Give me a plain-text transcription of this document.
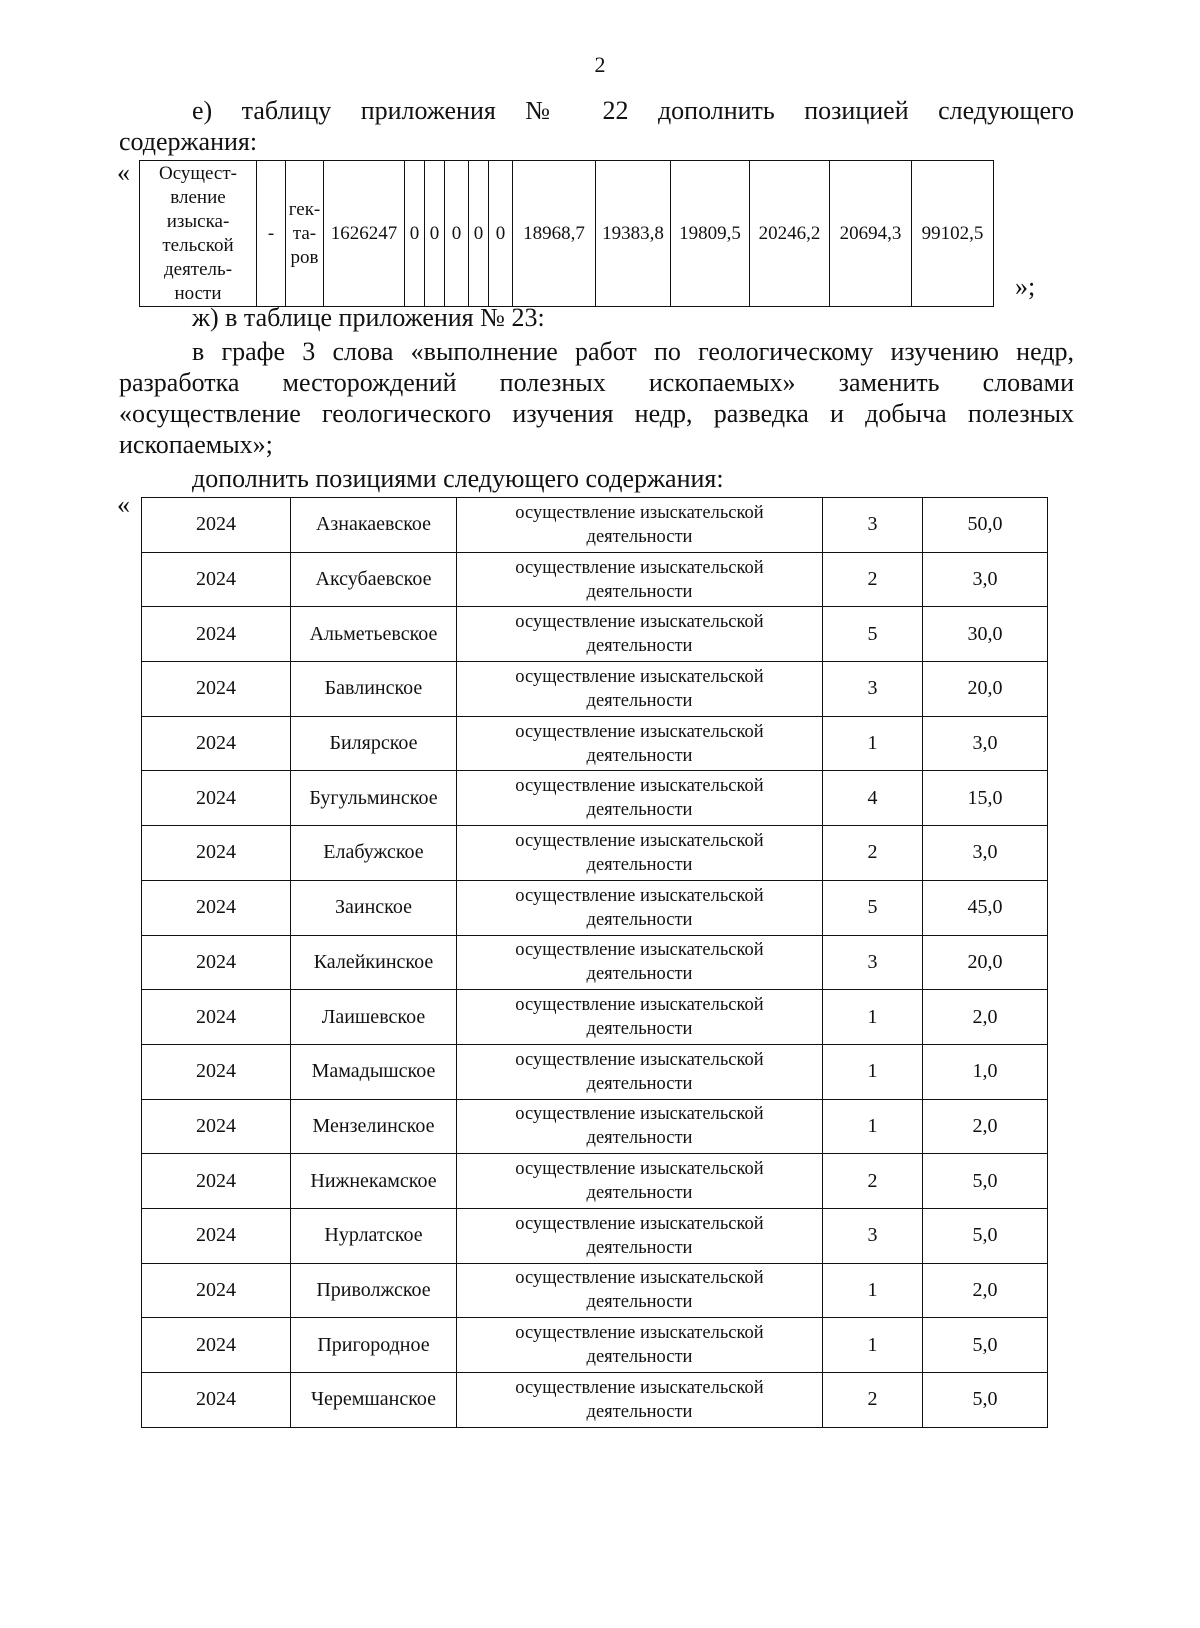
2
е) таблицу приложения № 22 дополнить позицией следующего
содержания:
« Осущест-
вление
изыска-
тельской
деятель-
ности	-	гек-
та-
ров	1626247	0	0	0	0	0	18968,7	19383,8	19809,5	20246,2	20694,3	99102,5
»;
ж) в таблице приложения № 23:
в графе 3 слова «выполнение работ по геологическому изучению недр,
разработка месторождений полезных ископаемых» заменить словами
«осуществление геологического изучения недр, разведка и добыча полезных
ископаемых»;
дополнить позициями следующего содержания:
«
2024	Азнакаевское	осуществление изыскательской деятельности	3	50,0
2024	Аксубаевское	осуществление изыскательской деятельности	2	3,0
2024	Альметьевское	осуществление изыскательской деятельности	5	30,0
2024	Бавлинское	осуществление изыскательской деятельности	3	20,0
2024	Билярское	осуществление изыскательской деятельности	1	3,0
2024	Бугульминское	осуществление изыскательской деятельности	4	15,0
2024	Елабужское	осуществление изыскательской деятельности	2	3,0
2024	Заинское	осуществление изыскательской деятельности	5	45,0
2024	Калейкинское	осуществление изыскательской деятельности	3	20,0
2024	Лаишевское	осуществление изыскательской деятельности	1	2,0
2024	Мамадышское	осуществление изыскательской деятельности	1	1,0
2024	Мензелинское	осуществление изыскательской деятельности	1	2,0
2024	Нижнекамское	осуществление изыскательской деятельности	2	5,0
2024	Нурлатское	осуществление изыскательской деятельности	3	5,0
2024	Приволжское	осуществление изыскательской деятельности	1	2,0
2024	Пригородное	осуществление изыскательской деятельности	1	5,0
2024	Черемшанское	осуществление изыскательской деятельности	2	5,0
